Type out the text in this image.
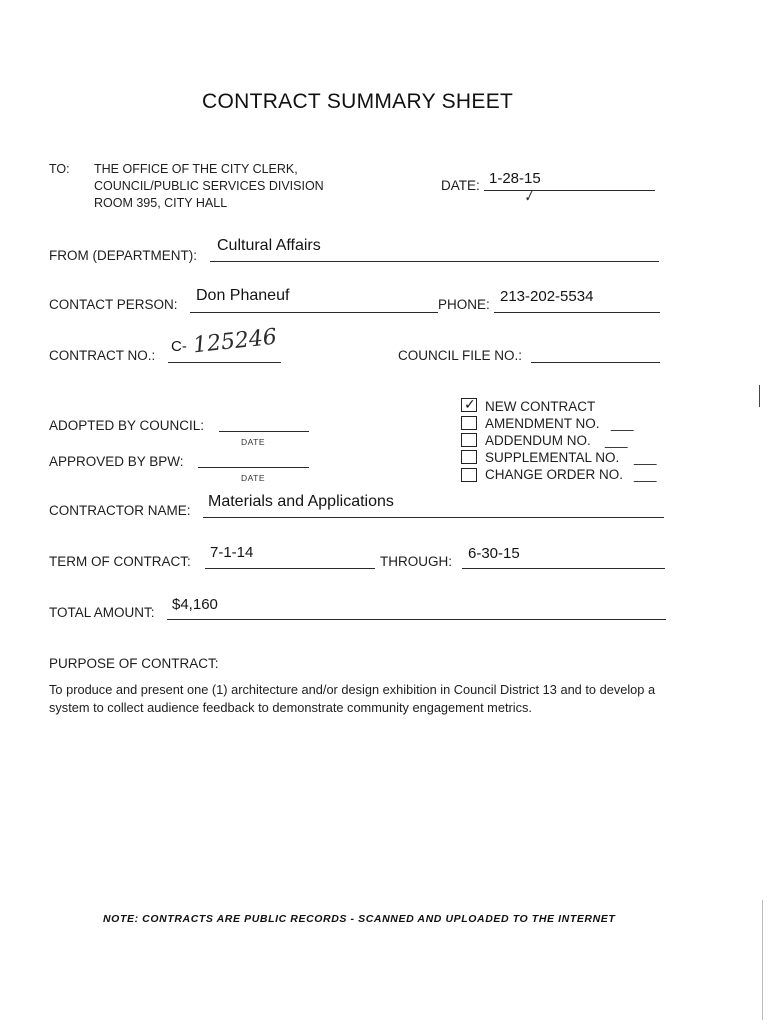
CONTRACT SUMMARY SHEET
TO: THE OFFICE OF THE CITY CLERK,
COUNCIL/PUBLIC SERVICES DIVISION
ROOM 395, CITY HALL
DATE: 1-28-15
✓
FROM (DEPARTMENT):
Cultural Affairs
CONTACT PERSON:
Don Phaneuf
PHONE: 213-202-5534
CONTRACT NO.:
C- 125246	COUNCIL FILE NO.:
ADOPTED BY COUNCIL:
DATE
APPROVED BY BPW:
DATE
✓ NEW CONTRACT
AMENDMENT NO. ___
ADDENDUM NO. ___
SUPPLEMENTAL NO. ___
CHANGE ORDER NO. ___
CONTRACTOR NAME:
Materials and Applications
TERM OF CONTRACT:
7-1-14
THROUGH: 6-30-15
TOTAL AMOUNT: $4,160
PURPOSE OF CONTRACT:
To produce and present one (1) architecture and/or design exhibition in Council District 13 and to develop a system to collect audience feedback to demonstrate community engagement metrics.
NOTE: CONTRACTS ARE PUBLIC RECORDS - SCANNED AND UPLOADED TO THE INTERNET
